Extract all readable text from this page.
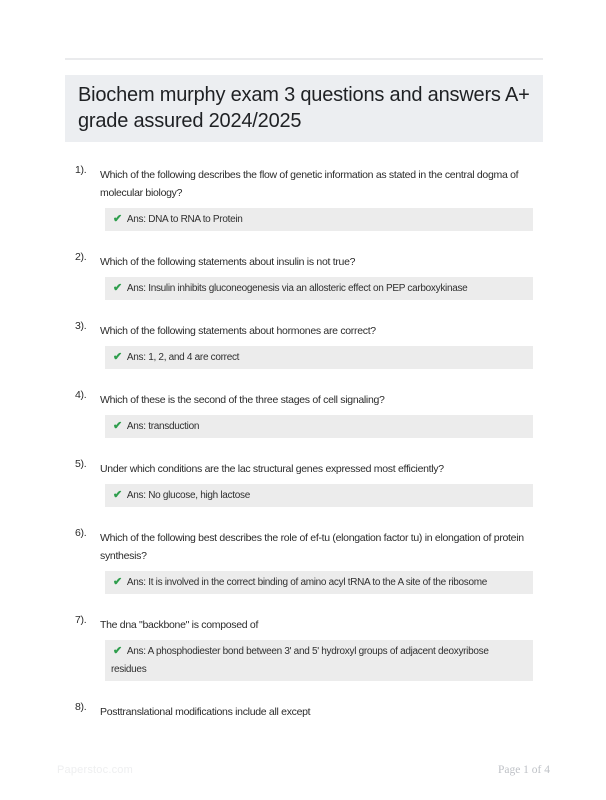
Biochem murphy exam 3 questions and answers A+ grade assured 2024/2025
1).	Which of the following describes the flow of genetic information as stated in the central dogma of molecular biology?
✔ Ans: DNA to RNA to Protein
2).	Which of the following statements about insulin is not true?
✔ Ans: Insulin inhibits gluconeogenesis via an allosteric effect on PEP carboxykinase
3).	Which of the following statements about hormones are correct?
✔ Ans: 1, 2, and 4 are correct
4).	Which of these is the second of the three stages of cell signaling?
✔ Ans: transduction
5).	Under which conditions are the lac structural genes expressed most efficiently?
✔ Ans: No glucose, high lactose
6).	Which of the following best describes the role of ef-tu (elongation factor tu) in elongation of protein synthesis?
✔ Ans: It is involved in the correct binding of amino acyl tRNA to the A site of the ribosome
7).	The dna "backbone" is composed of
✔ Ans: A phosphodiester bond between 3' and 5' hydroxyl groups of adjacent deoxyribose residues
8).	Posttranslational modifications include all except
Paperstoc.com	Page 1 of 4
